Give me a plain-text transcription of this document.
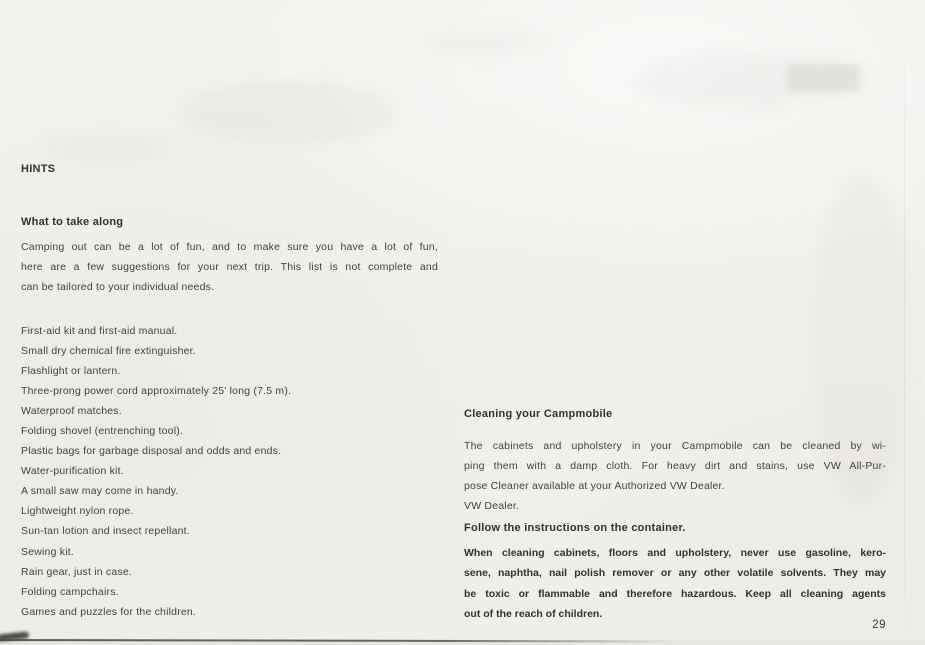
HINTS
What to take along
Camping out can be a lot of fun, and to make sure you have a lot of fun,
here are a few suggestions for your next trip. This list is not complete and
can be tailored to your individual needs.
First-aid kit and first-aid manual.
Small dry chemical fire extinguisher.
Flashlight or lantern.
Three-prong power cord approximately 25' long (7.5 m).
Waterproof matches.
Folding shovel (entrenching tool).
Plastic bags for garbage disposal and odds and ends.
Water-purification kit.
A small saw may come in handy.
Lightweight nylon rope.
Sun-tan lotion and insect repellant.
Sewing kit.
Rain gear, just in case.
Folding campchairs.
Games and puzzles for the children.
Cleaning your Campmobile
The cabinets and upholstery in your Campmobile can be cleaned by wi-
ping them with a damp cloth. For heavy dirt and stains, use VW All-Pur-
pose Cleaner available at your Authorized VW Dealer.
VW Dealer.
Follow the instructions on the container.
When cleaning cabinets, floors and upholstery, never use gasoline, kero-
sene, naphtha, nail polish remover or any other volatile solvents. They may
be toxic or flammable and therefore hazardous. Keep all cleaning agents
out of the reach of children.
29
